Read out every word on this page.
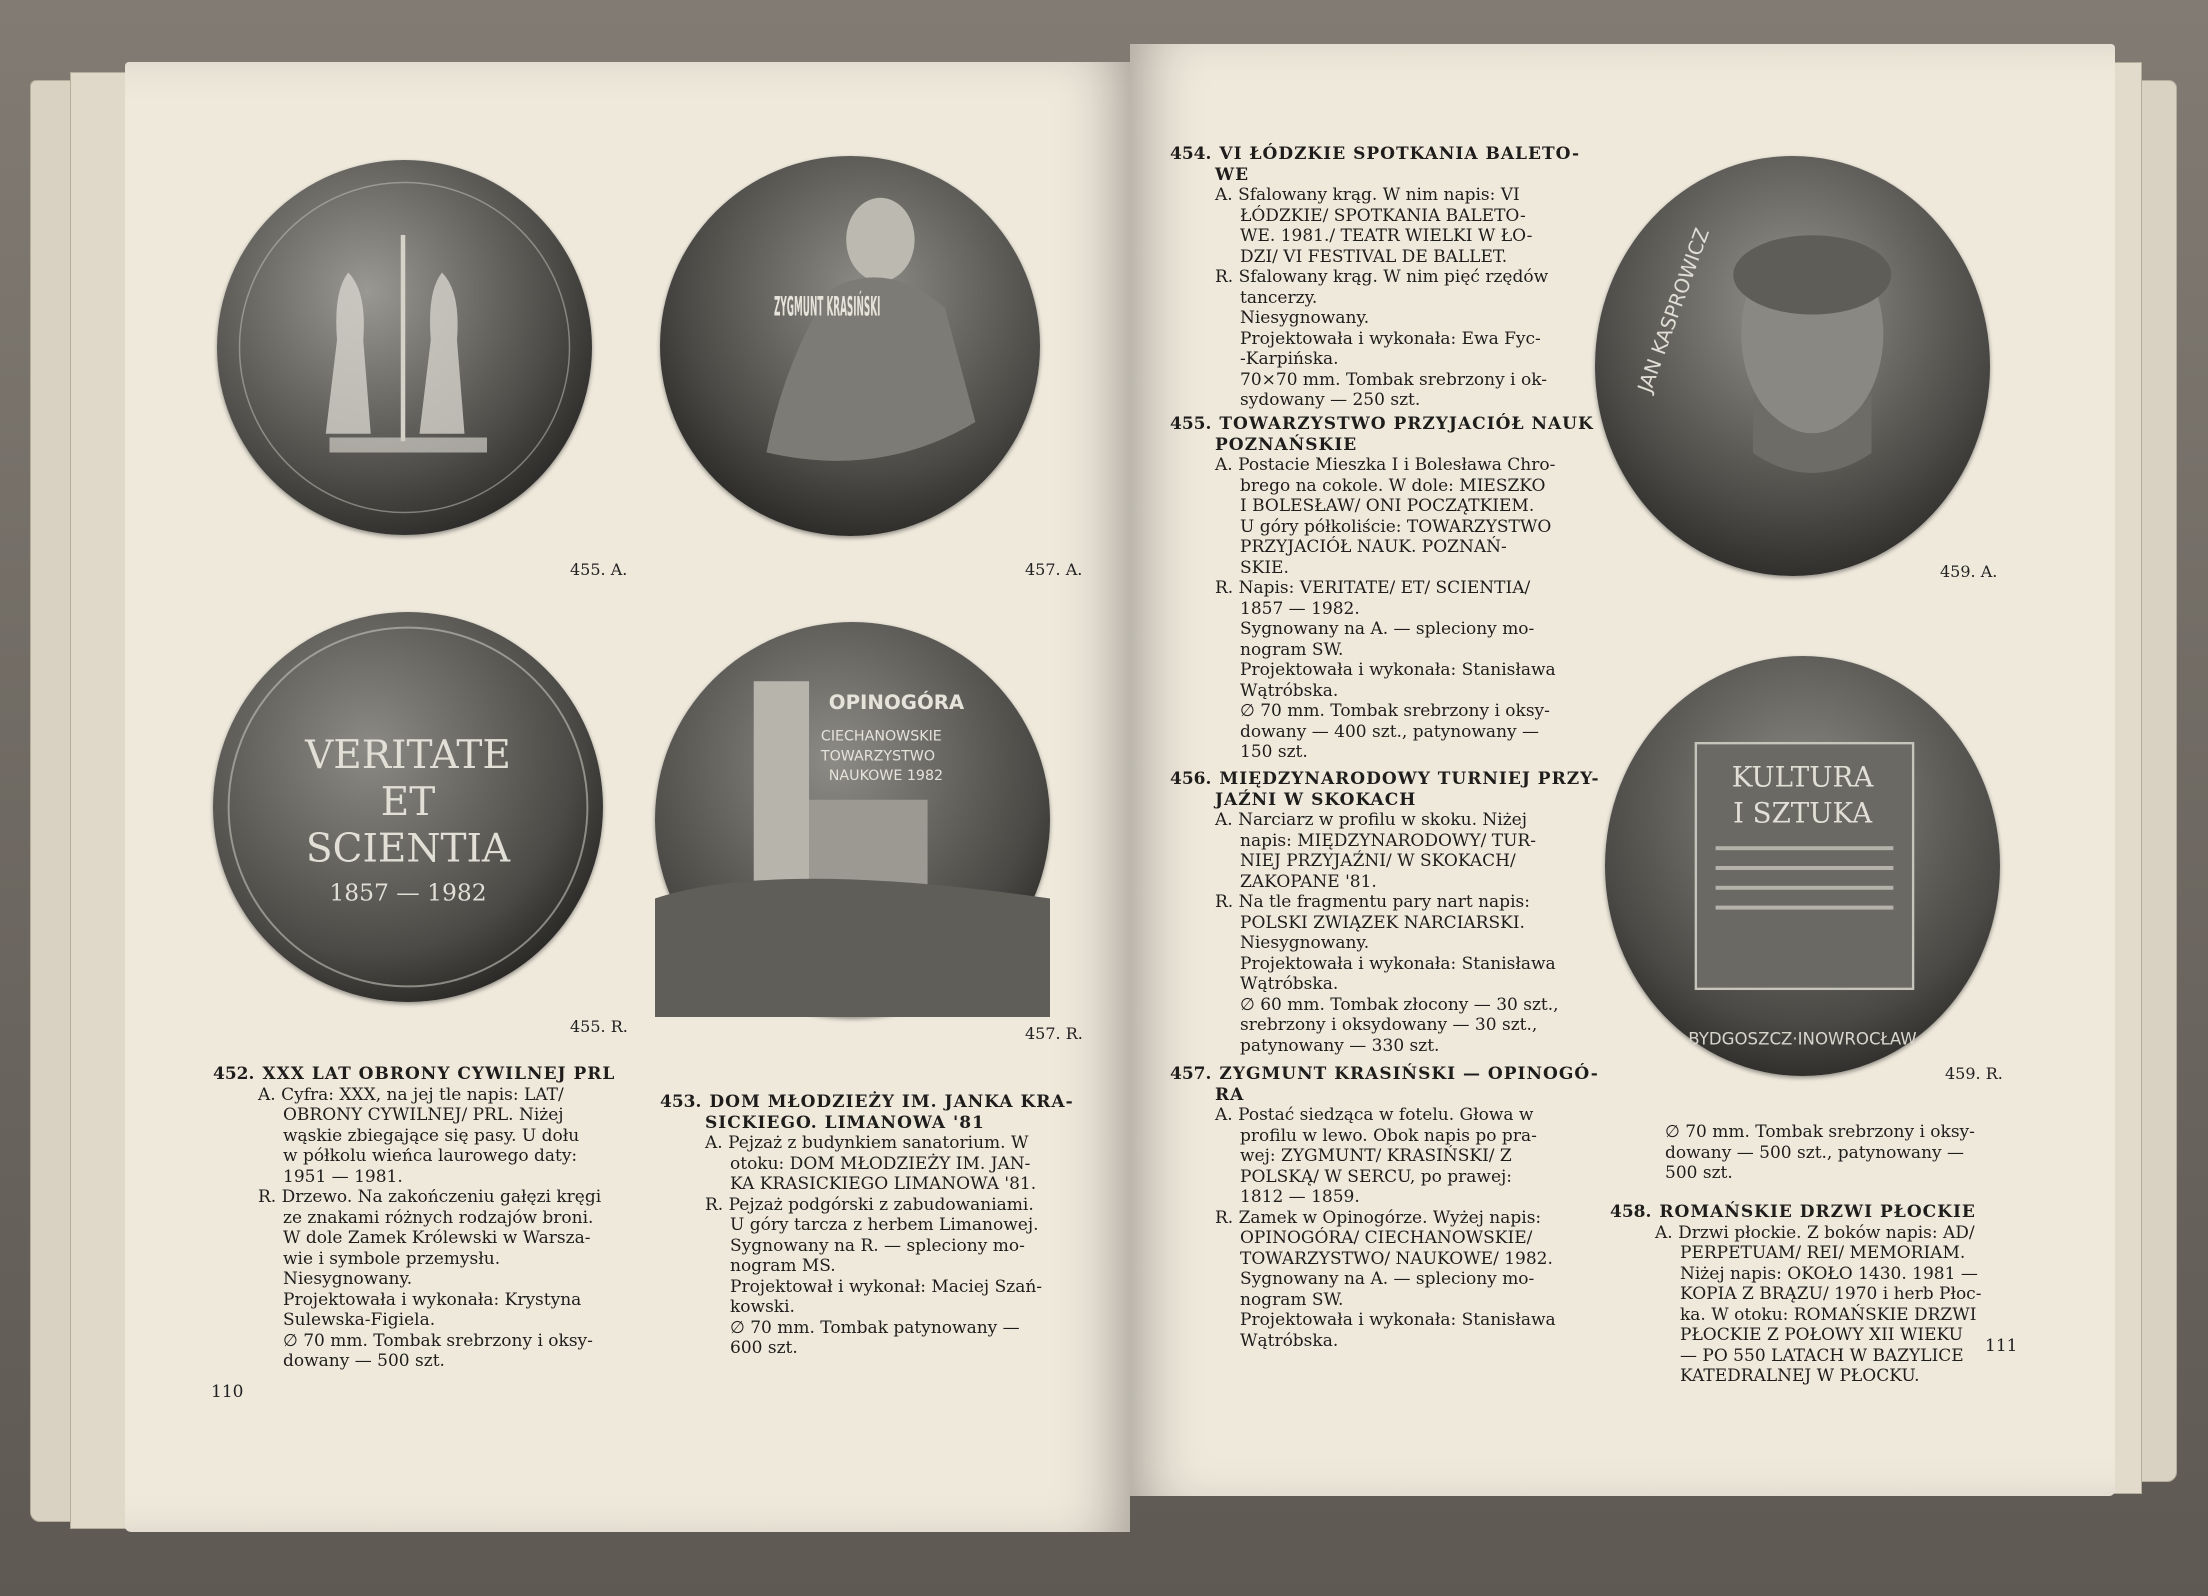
455. A.	457. A.
VERITATE
ET
SCIENTIA
1857 — 1982
455. R.
OPINOGÓRA
CIECHANOWSKIE
TOWARZYSTWO
NAUKOWE 1982
457. R.
452. XXX LAT OBRONY CYWILNEJ PRL
A. Cyfra: XXX, na jej tle napis: LAT/
OBRONY CYWILNEJ/ PRL. Niżej
wąskie zbiegające się pasy. U dołu
w półkolu wieńca laurowego daty:
1951 — 1981.
R. Drzewo. Na zakończeniu gałęzi kręgi
ze znakami różnych rodzajów broni.
W dole Zamek Królewski w Warsza-
wie i symbole przemysłu.
Niesygnowany.
Projektowała i wykonała: Krystyna
Sulewska-Figiela.
∅ 70 mm. Tombak srebrzony i oksy-
dowany — 500 szt.
453. DOM MŁODZIEŻY IM. JANKA KRA-
SICKIEGO. LIMANOWA '81
A. Pejzaż z budynkiem sanatorium. W
otoku: DOM MŁODZIEŻY IM. JAN-
KA KRASICKIEGO LIMANOWA '81.
R. Pejzaż podgórski z zabudowaniami.
U góry tarcza z herbem Limanowej.
Sygnowany na R. — spleciony mo-
nogram MS.
Projektował i wykonał: Maciej Szań-
kowski.
∅ 70 mm. Tombak patynowany —
600 szt.
110
454. VI ŁÓDZKIE SPOTKANIA BALETO-
WE
A. Sfalowany krąg. W nim napis: VI
ŁÓDZKIE/ SPOTKANIA BALETO-
WE. 1981./ TEATR WIELKI W ŁO-
DZI/ VI FESTIVAL DE BALLET.
R. Sfalowany krąg. W nim pięć rzędów
tancerzy.
Niesygnowany.
Projektowała i wykonała: Ewa Fyc-
-Karpińska.
70×70 mm. Tombak srebrzony i ok-
sydowany — 250 szt.
455. TOWARZYSTWO PRZYJACIÓŁ NAUK
POZNAŃSKIE
A. Postacie Mieszka I i Bolesława Chro-
brego na cokole. W dole: MIESZKO
I BOLESŁAW/ ONI POCZĄTKIEM.
U góry półkoliście: TOWARZYSTWO
PRZYJACIÓŁ NAUK. POZNAŃ-
SKIE.
R. Napis: VERITATE/ ET/ SCIENTIA/
1857 — 1982.
Sygnowany na A. — spleciony mo-
nogram SW.
Projektowała i wykonała: Stanisława
Wątróbska.
∅ 70 mm. Tombak srebrzony i oksy-
dowany — 400 szt., patynowany —
150 szt.
456. MIĘDZYNARODOWY TURNIEJ PRZY-
JAŹNI W SKOKACH
A. Narciarz w profilu w skoku. Niżej
napis: MIĘDZYNARODOWY/ TUR-
NIEJ PRZYJAŹNI/ W SKOKACH/
ZAKOPANE '81.
R. Na tle fragmentu pary nart napis:
POLSKI ZWIĄZEK NARCIARSKI.
Niesygnowany.
Projektowała i wykonała: Stanisława
Wątróbska.
∅ 60 mm. Tombak złocony — 30 szt.,
srebrzony i oksydowany — 30 szt.,
patynowany — 330 szt.
457. ZYGMUNT KRASIŃSKI — OPINOGÓ-
RA
A. Postać siedząca w fotelu. Głowa w
profilu w lewo. Obok napis po pra-
wej: ZYGMUNT/ KRASIŃSKI/ Z
POLSKĄ/ W SERCU, po prawej:
1812 — 1859.
R. Zamek w Opinogórze. Wyżej napis:
OPINOGÓRA/ CIECHANOWSKIE/
TOWARZYSTWO/ NAUKOWE/ 1982.
Sygnowany na A. — spleciony mo-
nogram SW.
Projektowała i wykonała: Stanisława
Wątróbska.
JAN KASPROWICZ
459. A.
KULTURA
I SZTUKA
BYDGOSZCZ·INOWROCŁAW
459. R.
∅ 70 mm. Tombak srebrzony i oksy-
dowany — 500 szt., patynowany —
500 szt.
458. ROMAŃSKIE DRZWI PŁOCKIE
A. Drzwi płockie. Z boków napis: AD/
PERPETUAM/ REI/ MEMORIAM.
Niżej napis: OKOŁO 1430. 1981 —
KOPIA Z BRĄZU/ 1970 i herb Płoc-
ka. W otoku: ROMAŃSKIE DRZWI
PŁOCKIE Z POŁOWY XII WIEKU
— PO 550 LATACH W BAZYLICE
KATEDRALNEJ W PŁOCKU.
111
